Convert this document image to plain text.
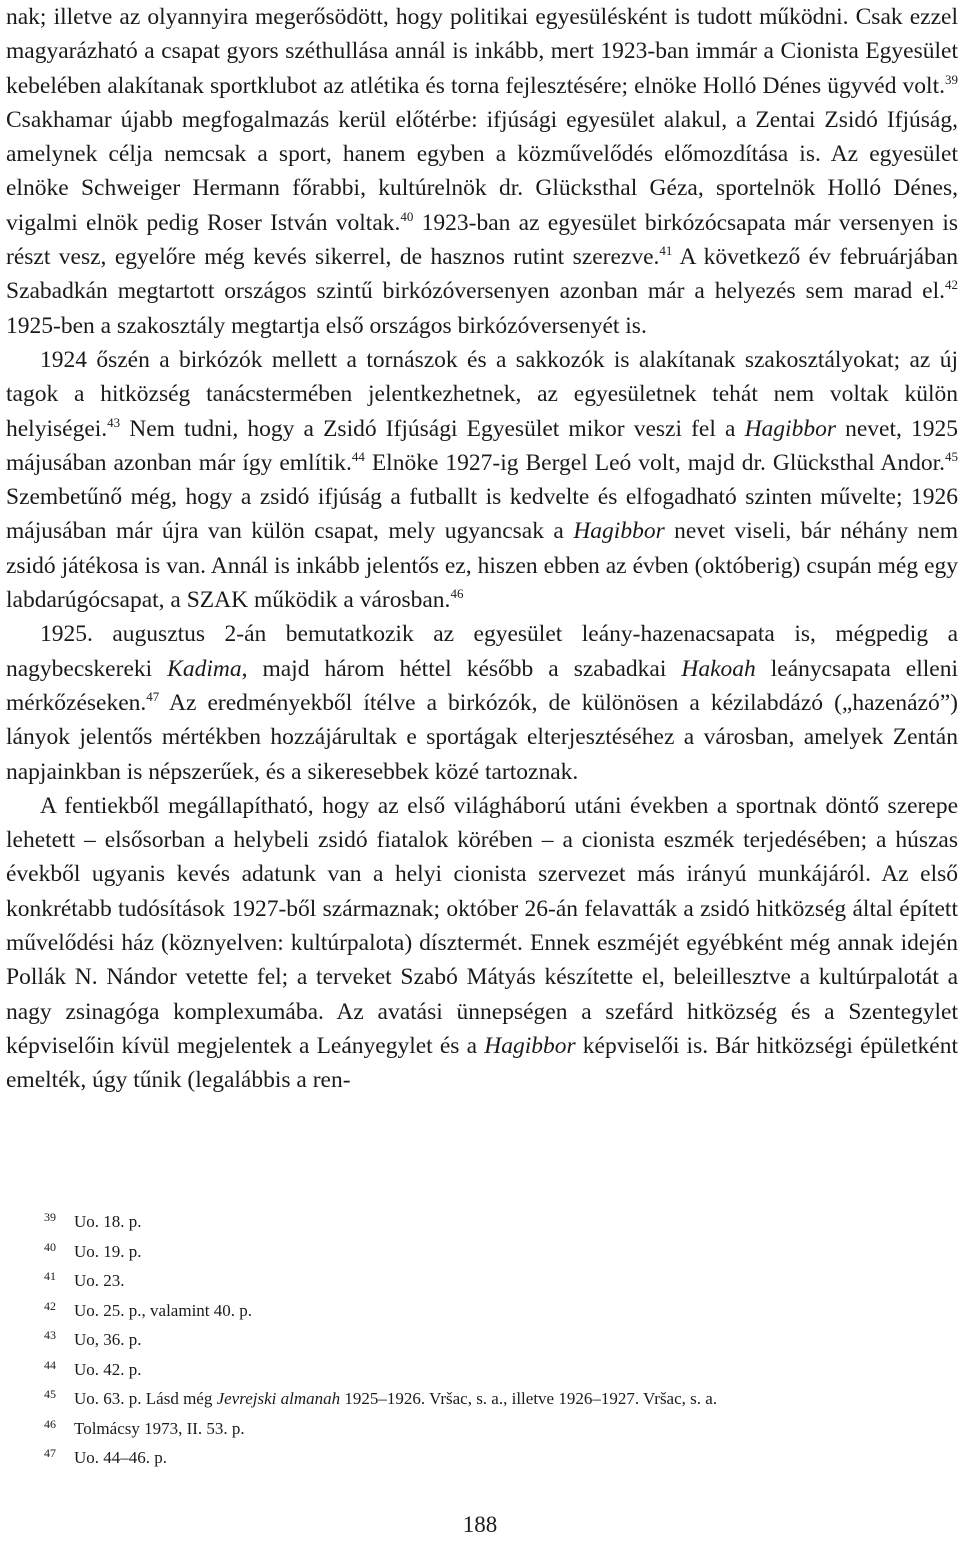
nak; illetve az olyannyira megerősödött, hogy politikai egyesülésként is tudott működni. Csak ezzel magyarázható a csapat gyors széthullása annál is inkább, mert 1923-ban immár a Cionista Egyesület kebelében alakítanak sportklubot az atlétika és torna fejlesztésére; elnöke Holló Dénes ügyvéd volt.$^{39}$ Csakhamar újabb megfogalmazás kerül előtérbe: ifjúsági egyesület alakul, a Zentai Zsidó Ifjúság, amelynek célja nemcsak a sport, hanem egyben a közművelődés előmozdítása is. Az egyesület elnöke Schweiger Hermann főrabbi, kultúrelnök dr. Glücksthal Géza, sportelnök Holló Dénes, vigalmi elnök pedig Roser István voltak.$^{40}$ 1923-ban az egyesület birkózócsapata már versenyen is részt vesz, egyelőre még kevés sikerrel, de hasznos rutint szerezve.$^{41}$ A következő év februárjában Szabadkán megtartott országos szintű birkózóversenyen azonban már a helyezés sem marad el.$^{42}$ 1925-ben a szakosztály megtartja első országos birkózóversenyét is.

1924 őszén a birkózók mellett a tornászok és a sakkozók is alakítanak szakosztályokat; az új tagok a hitközség tanácstermében jelentkezhetnek, az egyesületnek tehát nem voltak külön helyiségei.$^{43}$ Nem tudni, hogy a Zsidó Ifjúsági Egyesület mikor veszi fel a Hagibbor nevet, 1925 májusában azonban már így említik.$^{44}$ Elnöke 1927-ig Bergel Leó volt, majd dr. Glücksthal Andor.$^{45}$ Szembetűnő még, hogy a zsidó ifjúság a futballt is kedvelte és elfogadható szinten művelte; 1926 májusában már újra van külön csapat, mely ugyancsak a Hagibbor nevet viseli, bár néhány nem zsidó játékosa is van. Annál is inkább jelentős ez, hiszen ebben az évben (októberig) csupán még egy labdarúgócsapat, a SZAK működik a városban.$^{46}$

1925. augusztus 2-án bemutatkozik az egyesület leány-hazenacsapata is, mégpedig a nagybecskereki Kadima, majd három héttel később a szabadkai Hakoah leánycsapata elleni mérkőzéseken.$^{47}$ Az eredményekből ítélve a birkózók, de különösen a kézilabdázó („hazenázó”) lányok jelentős mértékben hozzájárultak e sportágak elterjesztéséhez a városban, amelyek Zentán napjainkban is népszerűek, és a sikeresebbek közé tartoznak.

A fentiekből megállapítható, hogy az első világháború utáni években a sportnak döntő szerepe lehetett – elsősorban a helybeli zsidó fiatalok körében – a cionista eszmék terjedésében; a húszas évekből ugyanis kevés adatunk van a helyi cionista szervezet más irányú munkájáról. Az első konkrétabb tudósítások 1927-ből származnak; október 26-án felavatták a zsidó hitközség által épített művelődési ház (köznyelven: kultúrpalota) dísztermét. Ennek eszméjét egyébként még annak idején Pollák N. Nándor vetette fel; a terveket Szabó Mátyás készítette el, beleillesztve a kultúrpalotát a nagy zsinagóga komplexumába. Az avatási ünnepségen a szefárd hitközség és a Szentegylet képviselőin kívül megjelentek a Leányegylet és a Hagibbor képviselői is. Bár hitközségi épületként emelték, úgy tűnik (legalábbis a ren-

39	Uo. 18. p.
40	Uo. 19. p.
41	Uo. 23.
42	Uo. 25. p., valamint 40. p.
43	Uo, 36. p.
44	Uo. 42. p.
45	Uo. 63. p. Lásd még Jevrejski almanah 1925–1926. Vršac, s. a., illetve 1926–1927. Vršac, s. a.
46	Tolmácsy 1973, II. 53. p.
47	Uo. 44–46. p.
188
